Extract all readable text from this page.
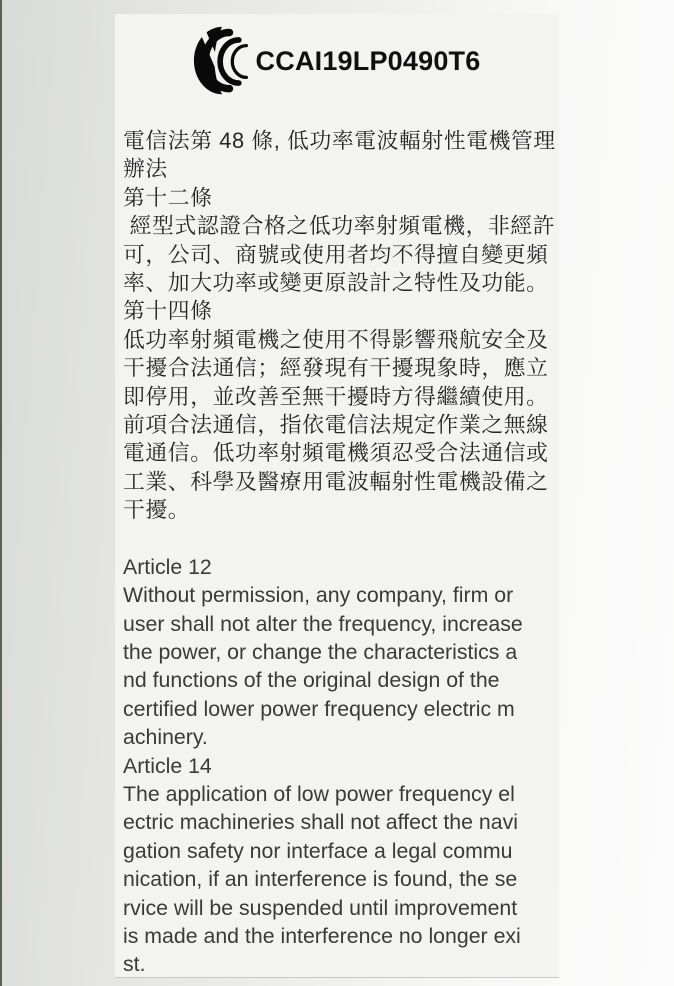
CCAI19LP0490T6
電信法第 48 條, 低功率電波輻射性電機管理
辦法
第十二條
經型式認證合格之低功率射頻電機，非經許
可，公司、商號或使用者均不得擅自變更頻
率、加大功率或變更原設計之特性及功能。
第十四條
低功率射頻電機之使用不得影響飛航安全及
干擾合法通信；經發現有干擾現象時，應立
即停用，並改善至無干擾時方得繼續使用。
前項合法通信，指依電信法規定作業之無線
電通信。低功率射頻電機須忍受合法通信或
工業、科學及醫療用電波輻射性電機設備之
干擾。
Article 12
Without permission, any company, firm or
user shall not alter the frequency, increase
the power, or change the characteristics a
nd functions of the original design of the
certified lower power frequency electric m
achinery.
Article 14
The application of low power frequency el
ectric machineries shall not affect the navi
gation safety nor interface a legal commu
nication, if an interference is found, the se
rvice will be suspended until improvement
is made and the interference no longer exi
st.
